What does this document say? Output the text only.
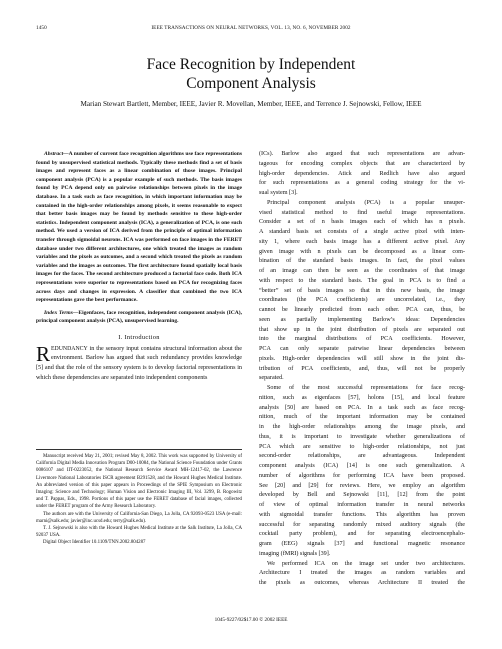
1450	IEEE TRANSACTIONS ON NEURAL NETWORKS, VOL. 13, NO. 6, NOVEMBER 2002
Face Recognition by Independent
Component Analysis
Marian Stewart Bartlett, Member, IEEE, Javier R. Movellan, Member, IEEE, and Terrence J. Sejnowski, Fellow, IEEE

Abstract—A number of current face recognition algorithms use face representations found by unsupervised statistical methods. Typically these methods find a set of basis images and represent faces as a linear combination of those images. Principal component analysis (PCA) is a popular example of such methods. The basis images found by PCA depend only on pairwise relationships between pixels in the image database. In a task such as face recognition, in which important information may be contained in the high-order relationships among pixels, it seems reasonable to expect that better basis images may be found by methods sensitive to these high-order statistics. Independent component analysis (ICA), a generalization of PCA, is one such method. We used a version of ICA derived from the principle of optimal information transfer through sigmoidal neurons. ICA was performed on face images in the FERET database under two different architectures, one which treated the images as random variables and the pixels as outcomes, and a second which treated the pixels as random variables and the images as outcomes. The first architecture found spatially local basis images for the faces. The second architecture produced a factorial face code. Both ICA representations were superior to representations based on PCA for recognizing faces across days and changes in expression. A classifier that combined the two ICA representations gave the best performance.

Index Terms—Eigenfaces, face recognition, independent component analysis (ICA), principal component analysis (PCA), unsupervised learning.

I. Introduction

REDUNDANCY in the sensory input contains structural information about the environment. Barlow has argued that such redundancy provides knowledge [5] and that the role of the sensory system is to develop factorial representations in which these dependencies are separated into independent components

Manuscript received May 21, 2001; revised May 8, 2002. This work was supported by University of California Digital Media Innovation Program D00-10084, the National Science Foundation under Grants 0086107 and IIT-0223052, the National Research Service Award MH-12417-02, the Lawrence Livermore National Laboratories ISCR agreement B291528, and the Howard Hughes Medical Institute. An abbreviated version of this paper appears in Proceedings of the SPIE Symposium on Electronic Imaging: Science and Technology; Human Vision and Electronic Imaging III, Vol. 3299, B. Rogowitz and T. Pappas, Eds., 1998. Portions of this paper use the FERET database of facial images, collected under the FERET program of the Army Research Laboratory.

The authors are with the University of California-San Diego, La Jolla, CA 92093-0523 USA (e-mail: marni@salk.edu; javier@inc.ucsd.edu; terry@salk.edu).

T. J. Sejnowski is also with the Howard Hughes Medical Institute at the Salk Institute, La Jolla, CA 92037 USA.

Digital Object Identifier 10.1109/TNN.2002.804287

(ICs). Barlow also argued that such representations are advan-
tageous for encoding complex objects that are characterized by
high-order dependencies. Atick and Redlich have also argued
for such representations as a general coding strategy for the vi-
sual system [3].
Principal component analysis (PCA) is a popular unsuper-
vised statistical method to find useful image representations.
Consider a set of n basis images each of which has n pixels.
A standard basis set consists of a single active pixel with inten-
sity 1, where each basis image has a different active pixel. Any
given image with n pixels can be decomposed as a linear com-
bination of the standard basis images. In fact, the pixel values
of an image can then be seen as the coordinates of that image
with respect to the standard basis. The goal in PCA is to find a
“better” set of basis images so that in this new basis, the image
coordinates (the PCA coefficients) are uncorrelated, i.e., they
cannot be linearly predicted from each other. PCA can, thus, be
seen as partially implementing Barlow’s ideas: Dependencies
that show up in the joint distribution of pixels are separated out
into the marginal distributions of PCA coefficients. However,
PCA can only separate pairwise linear dependencies between
pixels. High-order dependencies will still show in the joint dis-
tribution of PCA coefficients, and, thus, will not be properly
separated.
Some of the most successful representations for face recog-
nition, such as eigenfaces [57], holons [15], and local feature
analysis [50] are based on PCA. In a task such as face recog-
nition, much of the important information may be contained
in the high-order relationships among the image pixels, and
thus, it is important to investigate whether generalizations of
PCA which are sensitive to high-order relationships, not just
second-order relationships, are advantageous. Independent
component analysis (ICA) [14] is one such generalization. A
number of algorithms for performing ICA have been proposed.
See [20] and [29] for reviews. Here, we employ an algorithm
developed by Bell and Sejnowski [11], [12] from the point
of view of optimal information transfer in neural networks
with sigmoidal transfer functions. This algorithm has proven
successful for separating randomly mixed auditory signals (the
cocktail party problem), and for separating electroencephalo-
gram (EEG) signals [37] and functional magnetic resonance
imaging (fMRI) signals [39].
We performed ICA on the image set under two architectures.
Architecture I treated the images as random variables and
the pixels as outcomes, whereas Architecture II treated the
1045-9227/02$17.00 © 2002 IEEE
